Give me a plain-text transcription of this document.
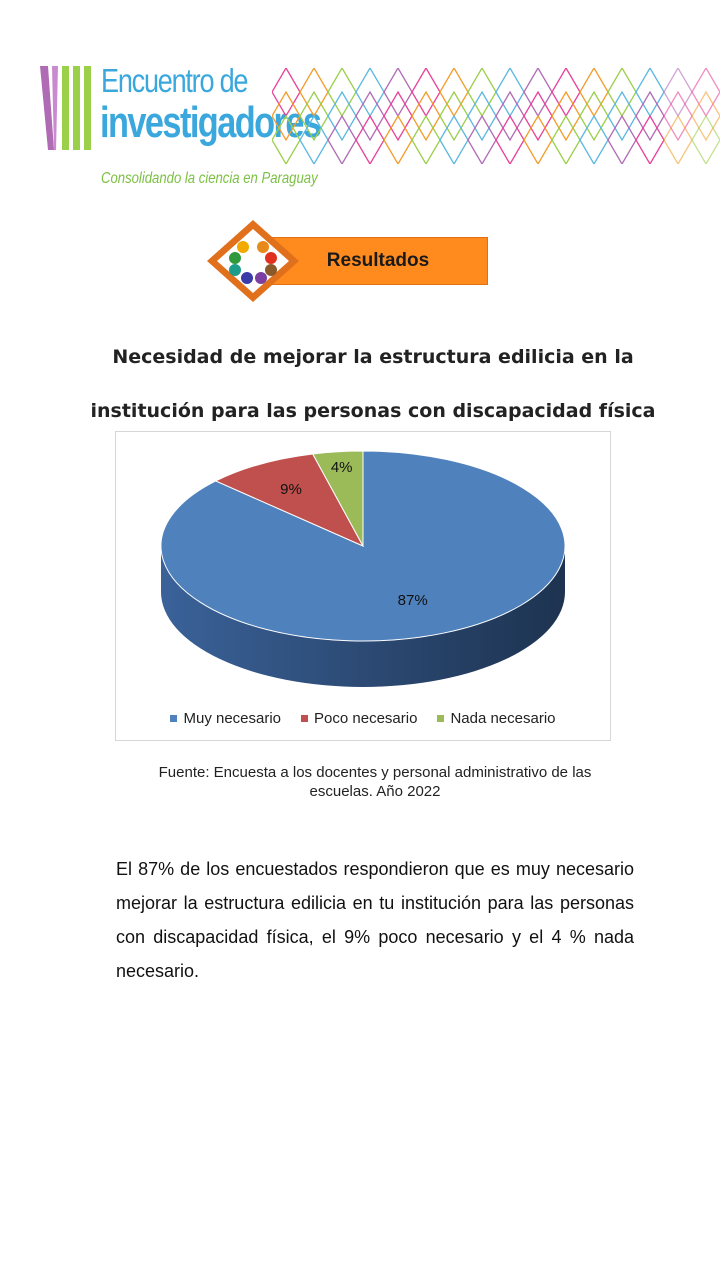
Encuentro de
investigadores
Consolidando la ciencia en Paraguay
Resultados
Necesidad de mejorar la estructura edilicia en la institución para las personas con discapacidad física
87%
9%
4%
Muy necesario Poco necesario Nada necesario
Fuente: Encuesta a los docentes y personal administrativo de las escuelas. Año 2022
El 87% de los encuestados respondieron que es muy necesario mejorar la estructura edilicia en tu institución para las personas con discapacidad física, el 9% poco necesario y el 4 % nada necesario.
